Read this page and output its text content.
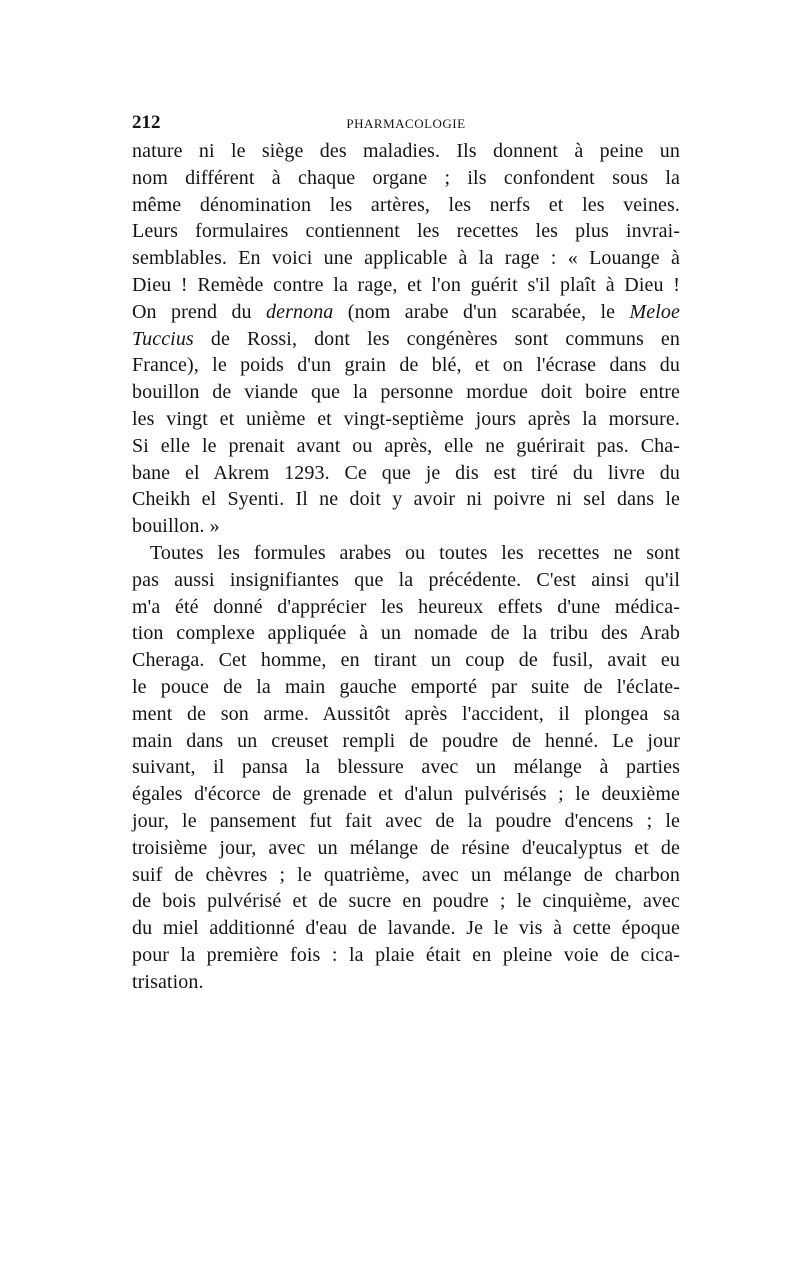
212	PHARMACOLOGIE
nature ni le siège des maladies. Ils donnent à peine un
nom différent à chaque organe ; ils confondent sous la
même dénomination les artères, les nerfs et les veines.
Leurs formulaires contiennent les recettes les plus invrai-
semblables. En voici une applicable à la rage : « Louange à
Dieu ! Remède contre la rage, et l'on guérit s'il plaît à Dieu !
On prend du dernona (nom arabe d'un scarabée, le Meloe
Tuccius de Rossi, dont les congénères sont communs en
France), le poids d'un grain de blé, et on l'écrase dans du
bouillon de viande que la personne mordue doit boire entre
les vingt et unième et vingt-septième jours après la morsure.
Si elle le prenait avant ou après, elle ne guérirait pas. Cha-
bane el Akrem 1293. Ce que je dis est tiré du livre du
Cheikh el Syenti. Il ne doit y avoir ni poivre ni sel dans le
bouillon. »
Toutes les formules arabes ou toutes les recettes ne sont
pas aussi insignifiantes que la précédente. C'est ainsi qu'il
m'a été donné d'apprécier les heureux effets d'une médica-
tion complexe appliquée à un nomade de la tribu des Arab
Cheraga. Cet homme, en tirant un coup de fusil, avait eu
le pouce de la main gauche emporté par suite de l'éclate-
ment de son arme. Aussitôt après l'accident, il plongea sa
main dans un creuset rempli de poudre de henné. Le jour
suivant, il pansa la blessure avec un mélange à parties
égales d'écorce de grenade et d'alun pulvérisés ; le deuxième
jour, le pansement fut fait avec de la poudre d'encens ; le
troisième jour, avec un mélange de résine d'eucalyptus et de
suif de chèvres ; le quatrième, avec un mélange de charbon
de bois pulvérisé et de sucre en poudre ; le cinquième, avec
du miel additionné d'eau de lavande. Je le vis à cette époque
pour la première fois : la plaie était en pleine voie de cica-
trisation.
